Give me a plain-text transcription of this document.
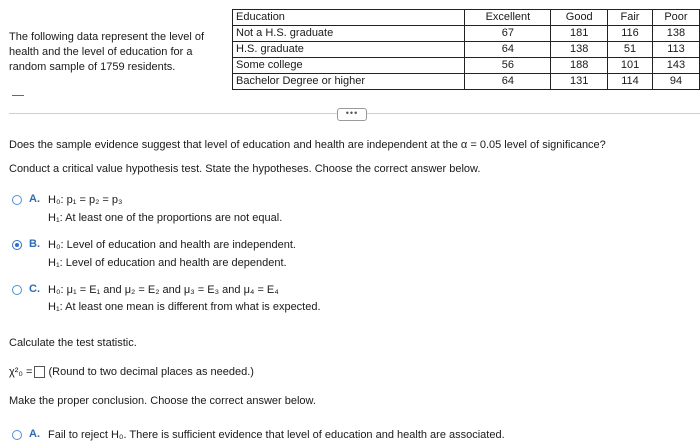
The following data represent the level of health and the level of education for a random sample of 1759 residents.
Education	Excellent	Good	Fair	Poor
Not a H.S. graduate	67	181	116	138
H.S. graduate	64	138	51	113
Some college	56	188	101	143
Bachelor Degree or higher	64	131	114	94
•••
Does the sample evidence suggest that level of education and health are independent at the α = 0.05 level of significance?
Conduct a critical value hypothesis test. State the hypotheses. Choose the correct answer below.
A. H₀: p₁ = p₂ = p₃
H₁: At least one of the proportions are not equal.
B. H₀: Level of education and health are independent.
H₁: Level of education and health are dependent.
C. H₀: μ₁ = E₁ and μ₂ = E₂ and μ₃ = E₃ and μ₄ = E₄
H₁: At least one mean is different from what is expected.
Calculate the test statistic.
χ²₀ = (Round to two decimal places as needed.)
Make the proper conclusion. Choose the correct answer below.
A. Fail to reject H₀. There is sufficient evidence that level of education and health are associated.
